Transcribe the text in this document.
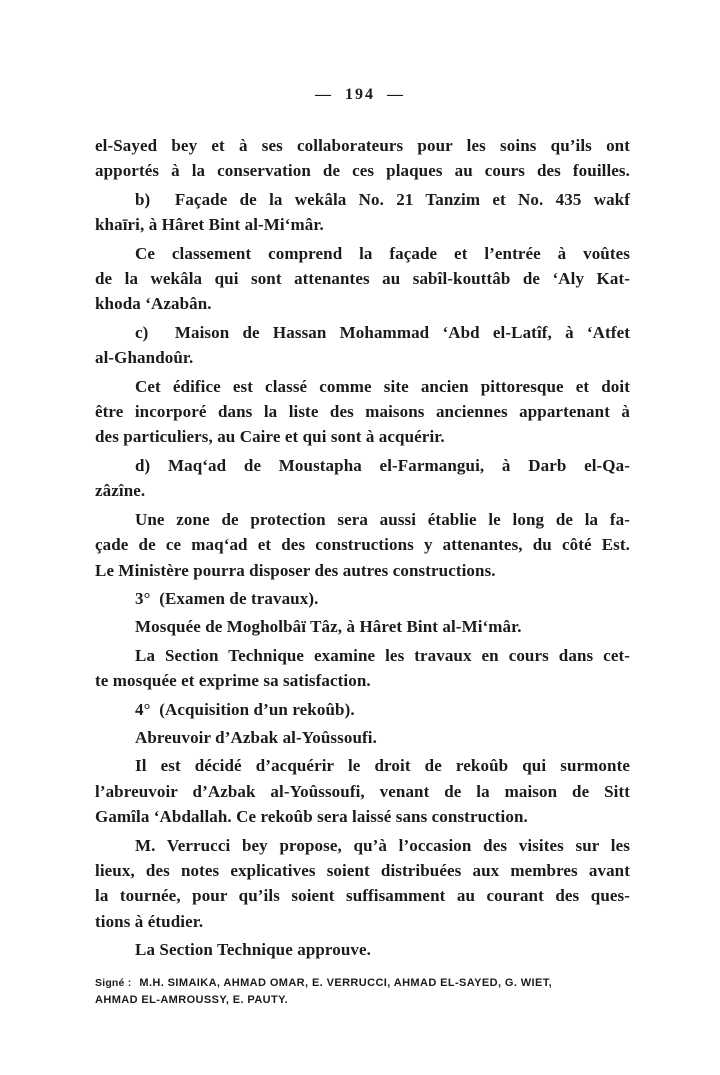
— 194 —
el-Sayed bey et à ses collaborateurs pour les soins qu’ils ont
apportés à la conservation de ces plaques au cours des fouilles.
b)  Façade de la wekâla No. 21 Tanzim et No. 435 wakf
khaīri, à Hâret Bint al-Mi‘mâr.
Ce classement comprend la façade et l’entrée à voûtes
de la wekâla qui sont attenantes au sabîl-kouttâb de ‘Aly Kat-
khoda ‘Azabân.
c)  Maison de Hassan Mohammad ‘Abd el-Latîf, à ‘Atfet
al-Ghandoûr.
Cet édifice est classé comme site ancien pittoresque et doit
être incorporé dans la liste des maisons anciennes appartenant à
des particuliers, au Caire et qui sont à acquérir.
d) Maq‘ad de Moustapha el-Farmangui, à Darb el-Qa-
zâzîne.
Une zone de protection sera aussi établie le long de la fa-
çade de ce maq‘ad et des constructions y attenantes, du côté Est.
Le Ministère pourra disposer des autres constructions.
3°  (Examen de travaux).
Mosquée de Mogholbâï Tâz, à Hâret Bint al-Mi‘mâr.
La Section Technique examine les travaux en cours dans cet-
te mosquée et exprime sa satisfaction.
4°  (Acquisition d’un rekoûb).
Abreuvoir d’Azbak al-Yoûssoufi.
Il est décidé d’acquérir le droit de rekoûb qui surmonte
l’abreuvoir d’Azbak al-Yoûssoufi, venant de la maison de Sitt
Gamîla ‘Abdallah. Ce rekoûb sera laissé sans construction.
M. Verrucci bey propose, qu’à l’occasion des visites sur les
lieux, des notes explicatives soient distribuées aux membres avant
la tournée, pour qu’ils soient suffisamment au courant des ques-
tions à étudier.
La Section Technique approuve.
Signé : M.H. SIMAIKA, AHMAD OMAR, E. VERRUCCI, AHMAD EL-SAYED, G. WIET,
AHMAD EL-AMROUSSY, E. PAUTY.
